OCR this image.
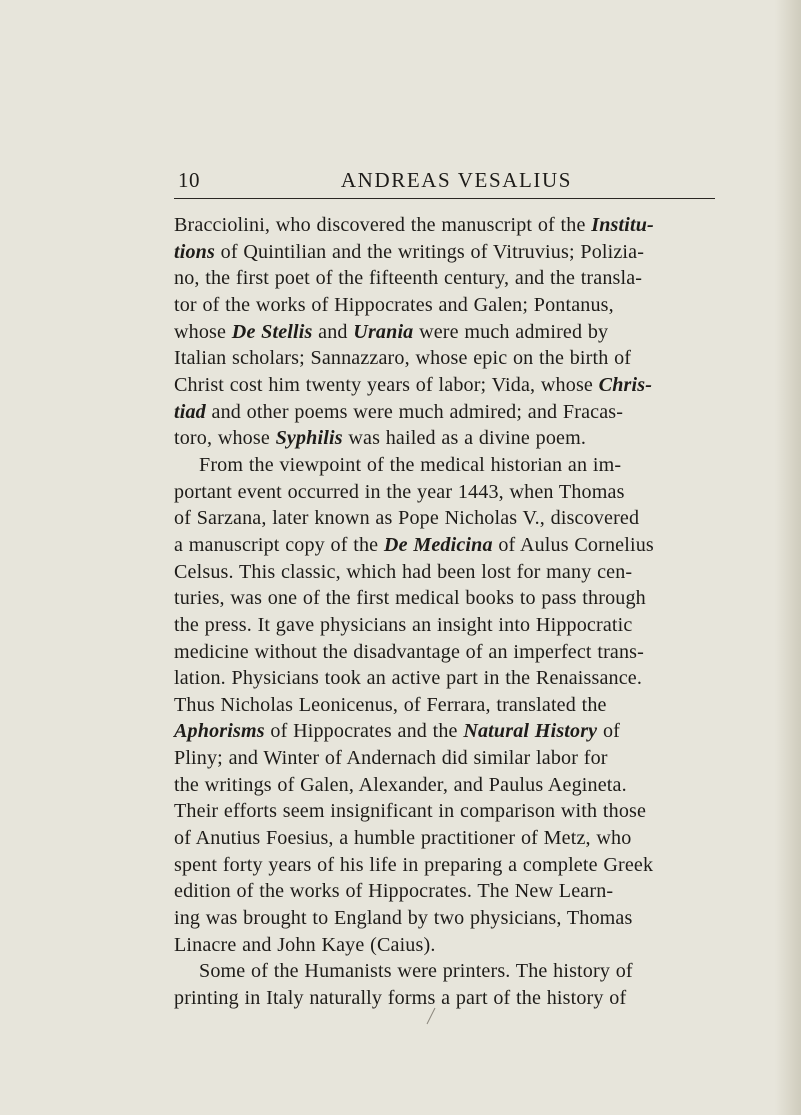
10	ANDREAS VESALIUS

Bracciolini, who discovered the manuscript of the Institu-
tions of Quintilian and the writings of Vitruvius; Polizia-
no, the first poet of the fifteenth century, and the transla-
tor of the works of Hippocrates and Galen; Pontanus,
whose De Stellis and Urania were much admired by
Italian scholars; Sannazzaro, whose epic on the birth of
Christ cost him twenty years of labor; Vida, whose Chris-
tiad and other poems were much admired; and Fracas-
toro, whose Syphilis was hailed as a divine poem.

From the viewpoint of the medical historian an im-
portant event occurred in the year 1443, when Thomas
of Sarzana, later known as Pope Nicholas V., discovered
a manuscript copy of the De Medicina of Aulus Cornelius
Celsus. This classic, which had been lost for many cen-
turies, was one of the first medical books to pass through
the press. It gave physicians an insight into Hippocratic
medicine without the disadvantage of an imperfect trans-
lation. Physicians took an active part in the Renaissance.
Thus Nicholas Leonicenus, of Ferrara, translated the
Aphorisms of Hippocrates and the Natural History of
Pliny; and Winter of Andernach did similar labor for
the writings of Galen, Alexander, and Paulus Aegineta.
Their efforts seem insignificant in comparison with those
of Anutius Foesius, a humble practitioner of Metz, who
spent forty years of his life in preparing a complete Greek
edition of the works of Hippocrates. The New Learn-
ing was brought to England by two physicians, Thomas
Linacre and John Kaye (Caius).

Some of the Humanists were printers. The history of
printing in Italy naturally forms a part of the history of
